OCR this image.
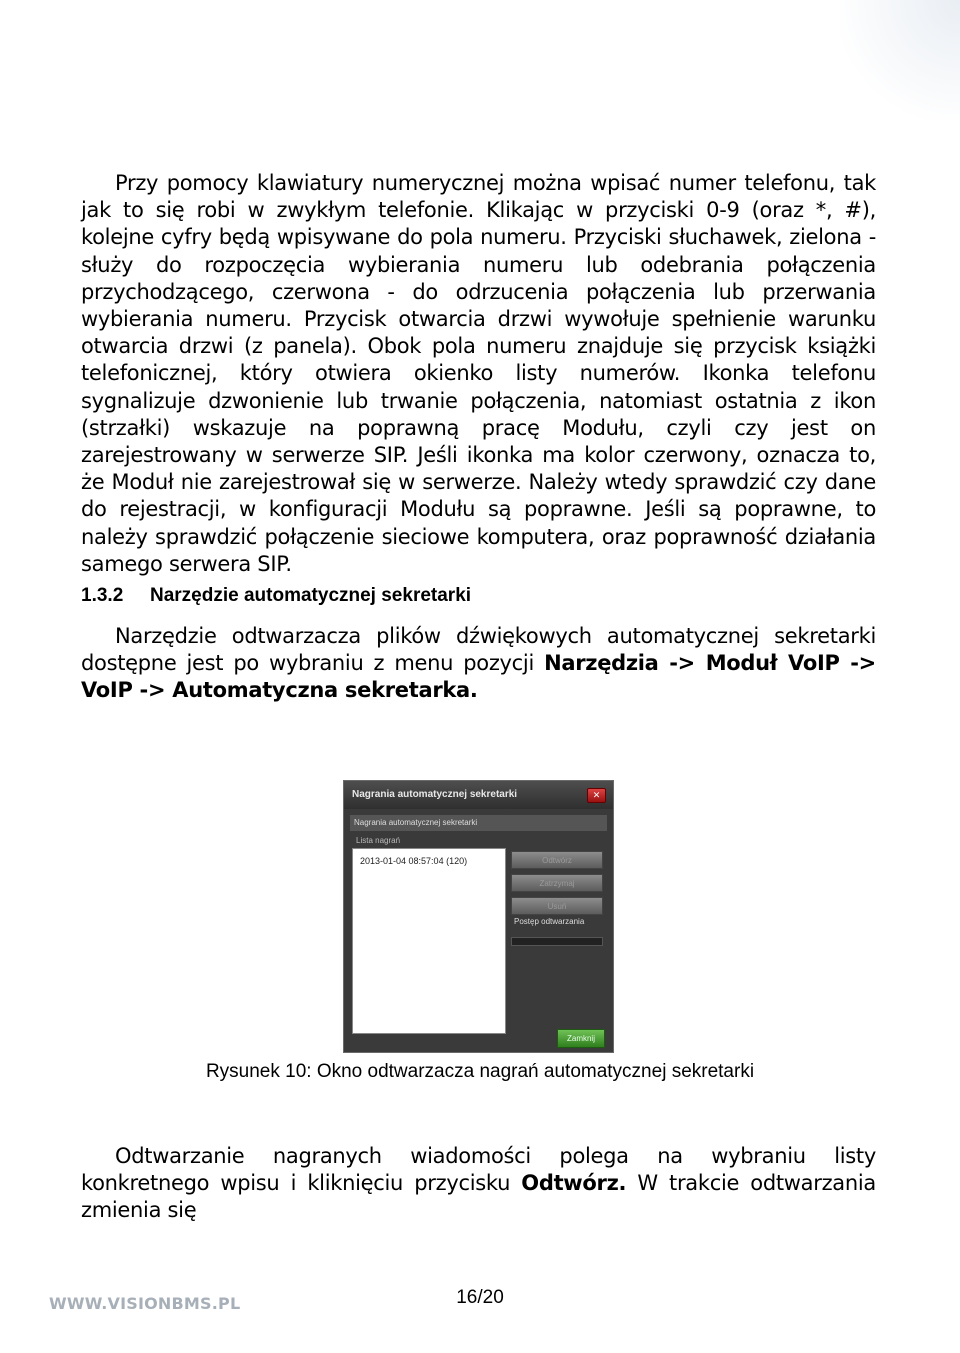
Przy pomocy klawiatury numerycznej można wpisać numer telefonu, tak jak to się robi w zwykłym telefonie. Klikając w przyciski 0-9 (oraz *, #), kolejne cyfry będą wpisywane do pola numeru. Przyciski słuchawek, zielona - służy do rozpoczęcia wybierania numeru lub odebrania połączenia przychodzącego, czerwona - do odrzucenia połączenia lub przerwania wybierania numeru. Przycisk otwarcia drzwi wywołuje spełnienie warunku otwarcia drzwi (z panela). Obok pola numeru znajduje się przycisk książki telefonicznej, który otwiera okienko listy numerów. Ikonka telefonu sygnalizuje dzwonienie lub trwanie połączenia, natomiast ostatnia z ikon (strzałki) wskazuje na poprawną pracę Modułu, czyli czy jest on zarejestrowany w serwerze SIP. Jeśli ikonka ma kolor czerwony, oznacza to, że Moduł nie zarejestrował się w serwerze. Należy wtedy sprawdzić czy dane do rejestracji, w konfiguracji Modułu są poprawne. Jeśli są poprawne, to należy sprawdzić połączenie sieciowe komputera, oraz poprawność działania samego serwera SIP.

1.3.2 Narzędzie automatycznej sekretarki

Narzędzie odtwarzacza plików dźwiękowych automatycznej sekretarki dostępne jest po wybraniu z menu pozycji Narzędzia -> Moduł VoIP -> VoIP -> Automatyczna sekretarka.

Nagrania automatycznej sekretarki	✕
Nagrania automatycznej sekretarki
Lista nagrań
2013-01-04 08:57:04 (120)	Odtwórz
Zatrzymaj
Usuń
Postęp odtwarzania
Zamknij
Rysunek 10: Okno odtwarzacza nagrań automatycznej sekretarki

Odtwarzanie nagranych wiadomości polega na wybraniu listy konkretnego wpisu i kliknięciu przycisku Odtwórz. W trakcie odtwarzania zmienia się

16/20
WWW.VISIONBMS.PL
